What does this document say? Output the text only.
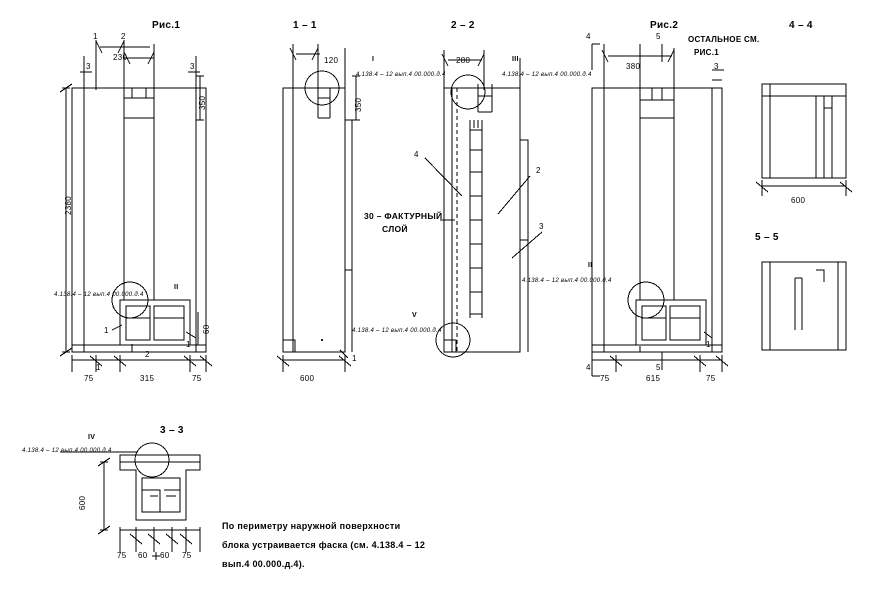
Рис.1
1	2
230
3	3
350
2380
II
4.138.4 – 12 вып.4 00.000.д.4
60
1
2
1
1
75	315	75
1 – 1
120	I
4.138.4 – 12 вып.4 00.000.д.4
350
V
4.138.4 – 12 вып.4 00.000.д.4
1
600
2 – 2
280	III
4.138.4 – 12 вып.4 00.000.д.4
4
2
3
30 – ФАКТУРНЫЙ
СЛОЙ
II
4.138.4 – 12 вып.4 00.000.д.4
Рис.2
ОСТАЛЬНОЕ СМ.
РИС.1
4	5
380	3
1
4	5
75	615	75
4 – 4
600
5 – 5
3 – 3
IV
4.138.4 – 12 вып.4 00.000.д.4
600
75 60 60 75
По периметру наружной поверхности
блока устраивается фаска (см. 4.138.4 – 12
вып.4 00.000.д.4).
